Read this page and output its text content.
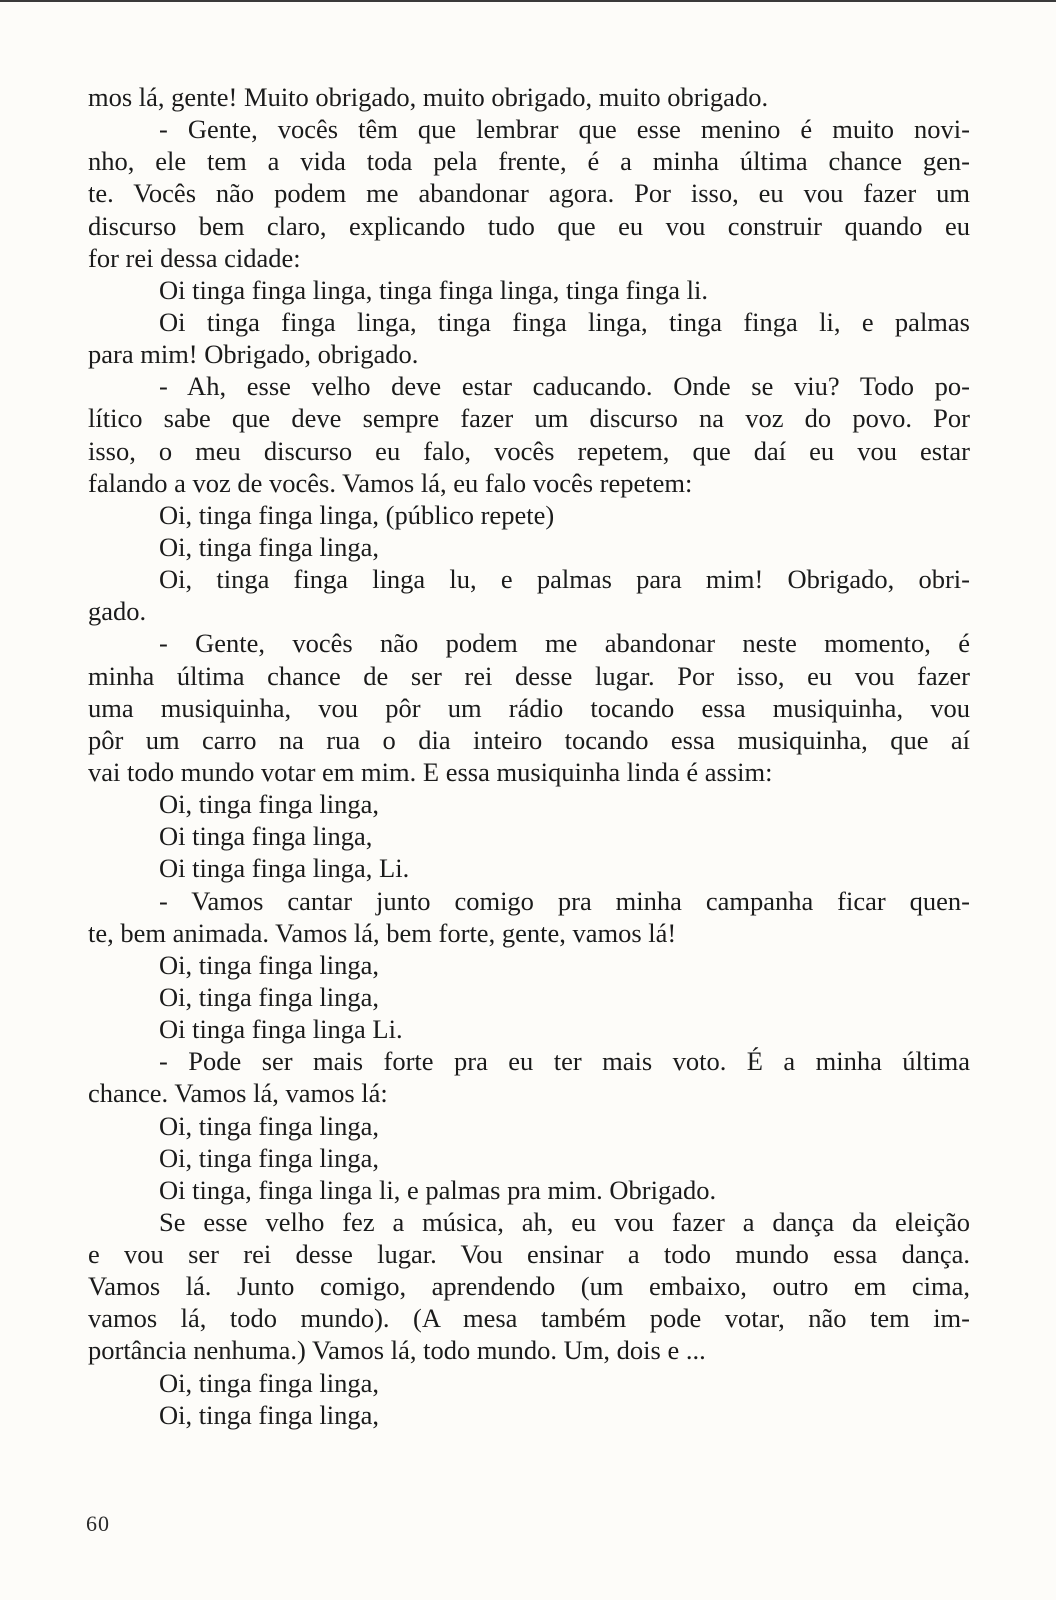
mos lá, gente! Muito obrigado, muito obrigado, muito obrigado.
- Gente, vocês têm que lembrar que esse menino é muito novi-
nho, ele tem a vida toda pela frente, é a minha última chance gen-
te. Vocês não podem me abandonar agora. Por isso, eu vou fazer um
discurso bem claro, explicando tudo que eu vou construir quando eu
for rei dessa cidade:
Oi tinga finga linga, tinga finga linga, tinga finga li.
Oi tinga finga linga, tinga finga linga, tinga finga li, e palmas
para mim! Obrigado, obrigado.
- Ah, esse velho deve estar caducando. Onde se viu? Todo po-
lítico sabe que deve sempre fazer um discurso na voz do povo. Por
isso, o meu discurso eu falo, vocês repetem, que daí eu vou estar
falando a voz de vocês. Vamos lá, eu falo vocês repetem:
Oi, tinga finga linga, (público repete)
Oi, tinga finga linga,
Oi, tinga finga linga lu, e palmas para mim! Obrigado, obri-
gado.
- Gente, vocês não podem me abandonar neste momento, é
minha última chance de ser rei desse lugar. Por isso, eu vou fazer
uma musiquinha, vou pôr um rádio tocando essa musiquinha, vou
pôr um carro na rua o dia inteiro tocando essa musiquinha, que aí
vai todo mundo votar em mim. E essa musiquinha linda é assim:
Oi, tinga finga linga,
Oi tinga finga linga,
Oi tinga finga linga, Li.
- Vamos cantar junto comigo pra minha campanha ficar quen-
te, bem animada. Vamos lá, bem forte, gente, vamos lá!
Oi, tinga finga linga,
Oi, tinga finga linga,
Oi tinga finga linga Li.
- Pode ser mais forte pra eu ter mais voto. É a minha última
chance. Vamos lá, vamos lá:
Oi, tinga finga linga,
Oi, tinga finga linga,
Oi tinga, finga linga li, e palmas pra mim. Obrigado.
Se esse velho fez a música, ah, eu vou fazer a dança da eleição
e vou ser rei desse lugar. Vou ensinar a todo mundo essa dança.
Vamos lá. Junto comigo, aprendendo (um embaixo, outro em cima,
vamos lá, todo mundo). (A mesa também pode votar, não tem im-
portância nenhuma.) Vamos lá, todo mundo. Um, dois e ...
Oi, tinga finga linga,
Oi, tinga finga linga,
60
